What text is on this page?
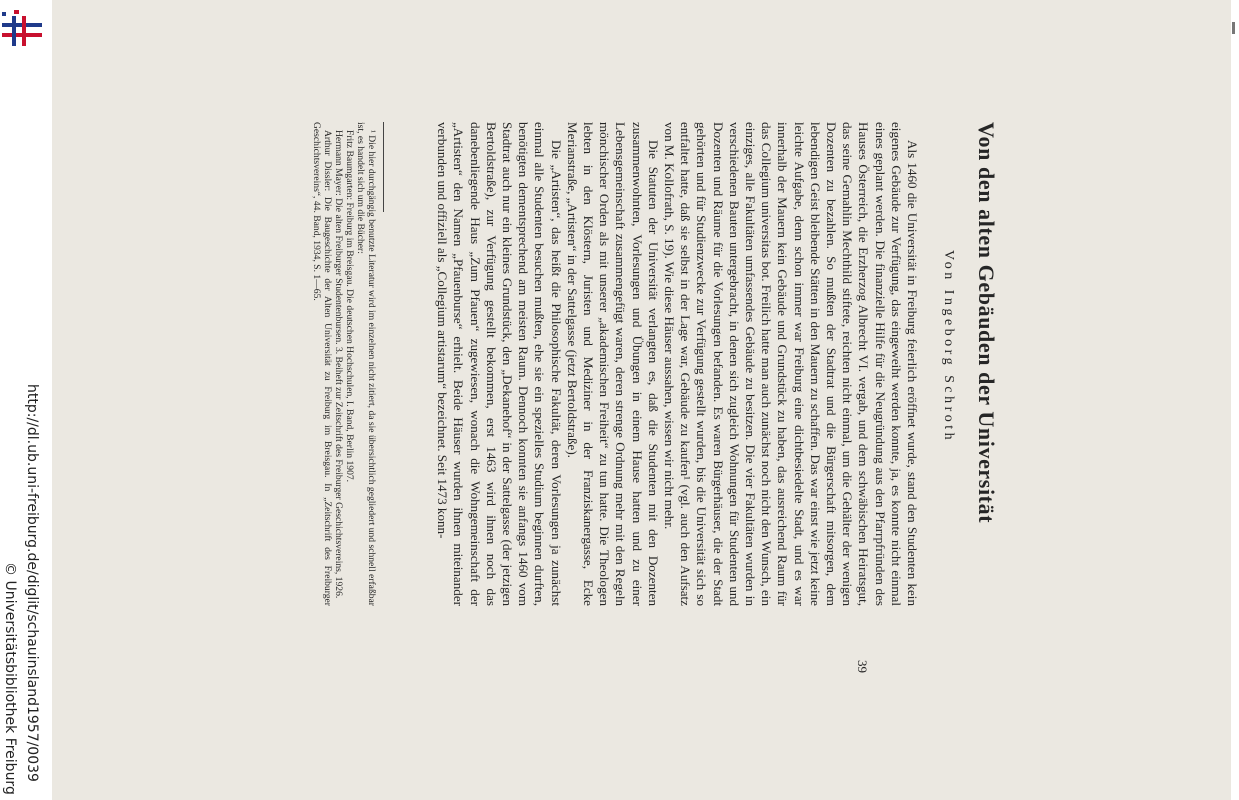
http://dl.ub.uni-freiburg.de/diglit/schauinsland1957/0039
© Universitätsbibliothek Freiburg
Von den alten Gebäuden der Universität
Von Ingeborg Schroth

Als 1460 die Universität in Freiburg feierlich eröffnet wurde, stand den Studenten kein eigenes Gebäude zur Verfügung, das eingeweiht werden konnte, ja, es konnte nicht einmal eines geplant werden. Die finanzielle Hilfe für die Neugründung aus den Pfarrpfründen des Hauses Österreich, die Erzherzog Albrecht VI. vergab, und dem schwäbischen Heiratsgut, das seine Gemahlin Mechthild stiftete, reichten nicht einmal, um die Gehälter der wenigen Dozenten zu bezahlen. So mußten der Stadtrat und die Bürgerschaft mitsorgen, dem lebendigen Geist bleibende Stätten in den Mauern zu schaffen. Das war einst wie jetzt keine leichte Aufgabe, denn schon immer war Freiburg eine dichtbesiedelte Stadt, und es war innerhalb der Mauern kein Gebäude und Grundstück zu haben, das ausreichend Raum für das Collegium universitas bot. Freilich hatte man auch zunächst noch nicht den Wunsch, ein einziges, alle Fakultäten umfassendes Gebäude zu besitzen. Die vier Fakultäten wurden in verschiedenen Bauten untergebracht, in denen sich zugleich Wohnungen für Studenten und Dozenten und Räume für die Vorlesungen befanden. Es waren Bürgerhäuser, die der Stadt gehörten und für Studienzwecke zur Verfügung gestellt wurden, bis die Universität sich so entfaltet hatte, daß sie selbst in der Lage war, Gebäude zu kaufen¹ (vgl. auch den Aufsatz von M. Kollofrath, S. 19). Wie diese Häuser aussahen, wissen wir nicht mehr.

Die Statuten der Universität verlangten es, daß die Studenten mit den Dozenten zusammenwohnten, Vorlesungen und Übungen in einem Hause hatten und zu einer Lebensgemeinschaft zusammengefügt waren, deren strenge Ordnung mehr mit den Regeln mönchischer Orden als mit unserer „akademischen Freiheit“ zu tun hatte. Die Theologen lebten in den Klöstern, Juristen und Mediziner in der Franziskanergasse, Ecke Merianstraße, „Artisten“ in der Sattelgasse (jetzt Bertoldstraße).

Die „Artisten“, das heißt die Philosophische Fakultät, deren Vorlesungen ja zunächst einmal alle Studenten besuchen mußten, ehe sie ein spezielles Studium beginnen durften, benötigten dementsprechend am meisten Raum. Dennoch konnten sie anfangs 1460 vom Stadtrat auch nur ein kleines Grundstück, den „Dekanehof“ in der Sattelgasse (der jetzigen Bertoldstraße), zur Verfügung gestellt bekommen, erst 1463 wird ihnen noch das danebenliegende Haus „Zum Pfauen“ zugewiesen, wonach die Wohngemeinschaft der „Artisten“ den Namen „Pfauenburse“ erhielt. Beide Häuser wurden ihnen miteinander verbunden und offiziell als „Collegium artistarum“ bezeichnet. Seit 1473 konn-

¹ Die hier durchgängig benutzte Literatur wird im einzelnen nicht zitiert, da sie übersichtlich gegliedert und schnell erfaßbar ist, es handelt sich um die Bücher:

Fritz Baumgarten: Freiburg im Breisgau. Die deutschen Hochschulen, I. Band, Berlin 1907.

Hermann Mayer: Die alten Freiburger Studentenbursen. 3. Beiheft zur Zeitschrift des Freiburger Geschichtsvereins, 1926.

Arthur Dissler: Die Baugeschichte der Alten Universität zu Freiburg im Breisgau. In „Zeitschrift des Freiburger Geschichtsvereins“, 44. Band, 1934, S. 1—65.

39
